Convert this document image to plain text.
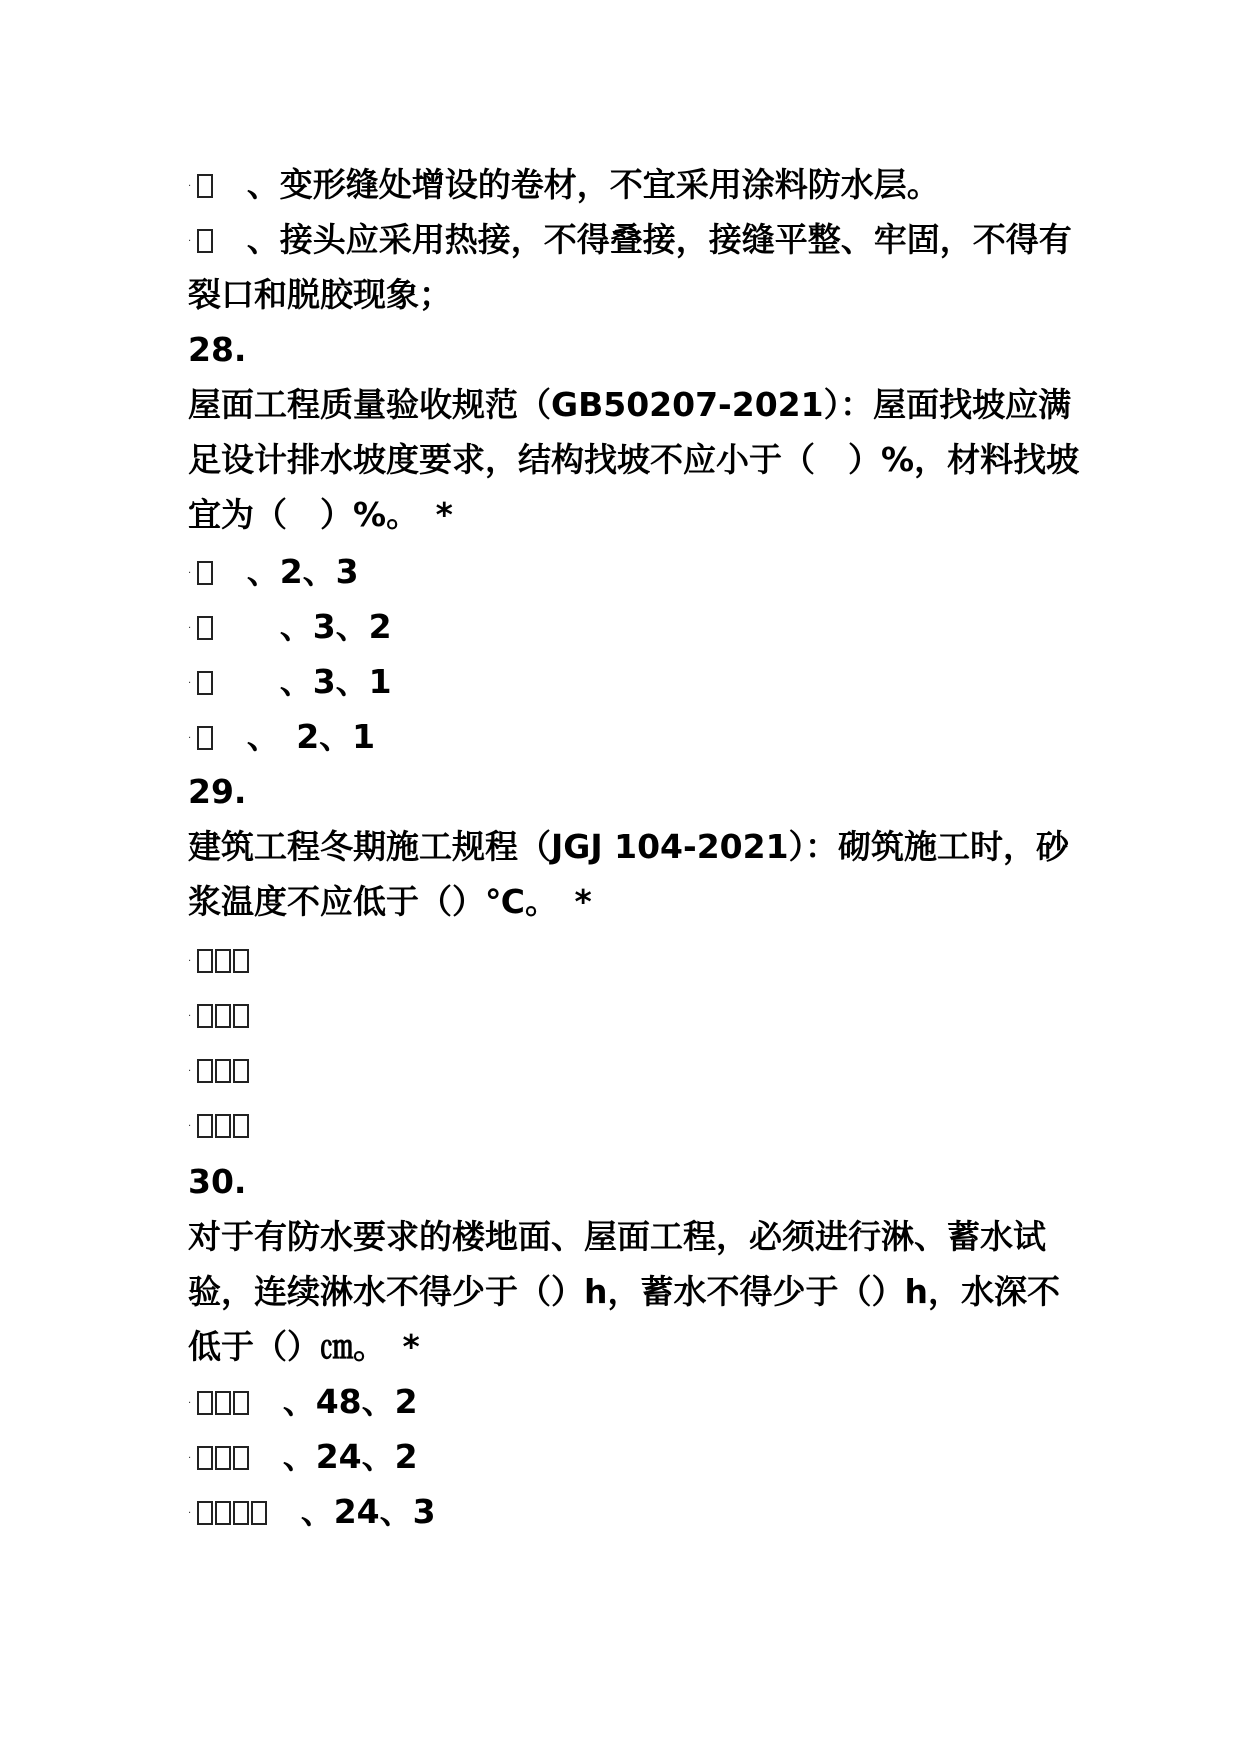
· 、变形缝处增设的卷材，不宜采用涂料防水层。
· 、接头应采用热接，不得叠接，接缝平整、牢固，不得有
裂口和脱胶现象；
28.
屋面工程质量验收规范（GB50207-2021）：屋面找坡应满
足设计排水坡度要求，结构找坡不应小于（　）%，材料找坡
宜为（　）%。　*
· 、2、3
· 　、3、2
· 　、3、1
· 、　2、1
29.
建筑工程冬期施工规程（JGJ 104-2021）：砌筑施工时，砂
浆温度不应低于（）℃。　*
·
·
·
·
30.
对于有防水要求的楼地面、屋面工程，必须进行淋、蓄水试
验，连续淋水不得少于（）h，蓄水不得少于（）h，水深不
低于（）㎝。　*
·	、48、2
·	、24、2
·	、24、3
